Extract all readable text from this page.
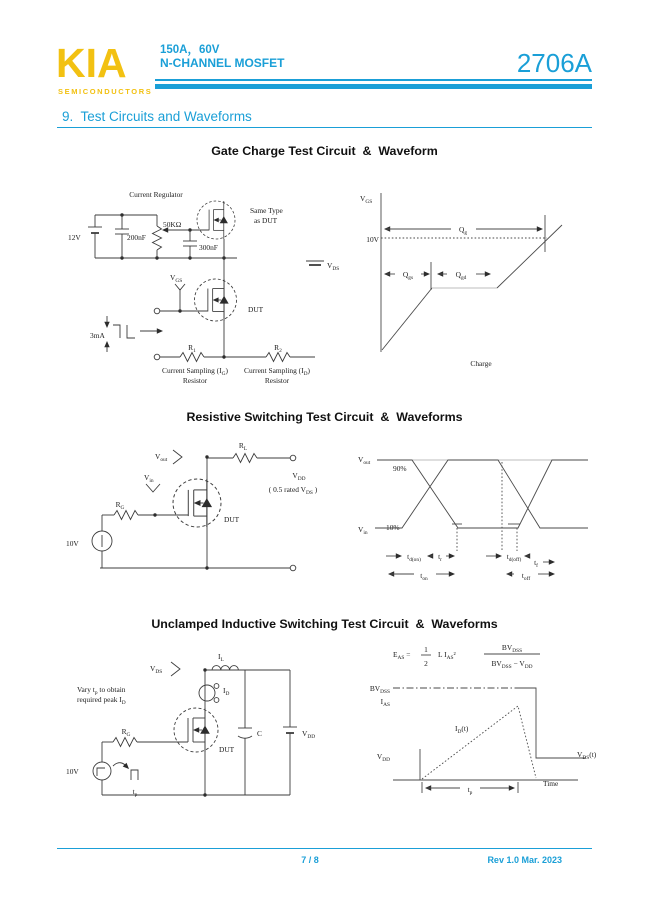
KIA
SEMICONDUCTORS
150A，60V
N-CHANNEL MOSFET	2706A
9.  Test Circuits and Waveforms
Gate Charge Test Circuit  &  Waveform
Resistive Switching Test Circuit  &  Waveforms
Unclamped Inductive Switching Test Circuit  &  Waveforms
Current Regulator
12V	200nF
50KΩ
300nF
Same Type
as DUT
$V_{DS}$
$V_{GS}$
DUT
3mA
$R_1$	$R_2$
Current Sampling $(I_G)$
Resistor
Current Sampling $(I_D)$
Resistor
$V_{GS}$
10V
$Q_g$
$Q_{gs}$	$Q_{gd}$
Charge
$R_L$
$V_{DD}$
( 0.5 rated $V_{DS}$ )
$V_{out}$
$V_{in}$
DUT
$R_G$
10V
$V_{out}$
90%
$V_{in}$
10%
$t_{d(on)}$ $t_r$
$t_{on}$
$t_{d(off)}$ $t_f$
$t_{off}$
$V_{DS}$
$I_L$
$I_D$
Vary $t_p$ to obtain
required peak $I_D$
DUT
$R_G$
10V
$t_p$
C	$V_{DD}$
$E_{AS}$ =
1
2
L $I_{AS}^2$
$BV_{DSS}$
$BV_{DSS} - V_{DD}$
$BV_{DSS}$
$I_{AS}$
$V_{DD}$
$I_D(t)$
$V_{DS}(t)$
Time
$t_p$
7 / 8	Rev 1.0 Mar. 2023
